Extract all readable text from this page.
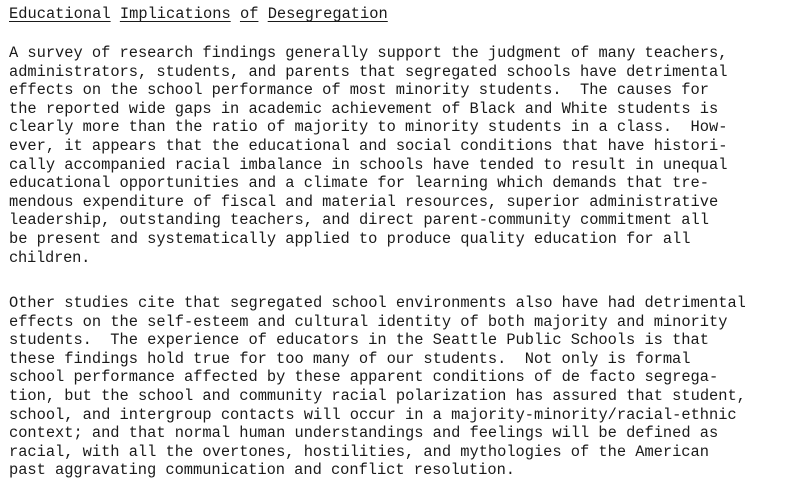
Educational Implications of Desegregation

A survey of research findings generally support the judgment of many teachers,
administrators, students, and parents that segregated schools have detrimental
effects on the school performance of most minority students.  The causes for
the reported wide gaps in academic achievement of Black and White students is
clearly more than the ratio of majority to minority students in a class.  How-
ever, it appears that the educational and social conditions that have histori-
cally accompanied racial imbalance in schools have tended to result in unequal
educational opportunities and a climate for learning which demands that tre-
mendous expenditure of fiscal and material resources, superior administrative
leadership, outstanding teachers, and direct parent-community commitment all
be present and systematically applied to produce quality education for all
children.

Other studies cite that segregated school environments also have had detrimental
effects on the self-esteem and cultural identity of both majority and minority
students.  The experience of educators in the Seattle Public Schools is that
these findings hold true for too many of our students.  Not only is formal
school performance affected by these apparent conditions of de facto segrega-
tion, but the school and community racial polarization has assured that student,
school, and intergroup contacts will occur in a majority-minority/racial-ethnic
context; and that normal human understandings and feelings will be defined as
racial, with all the overtones, hostilities, and mythologies of the American
past aggravating communication and conflict resolution.
